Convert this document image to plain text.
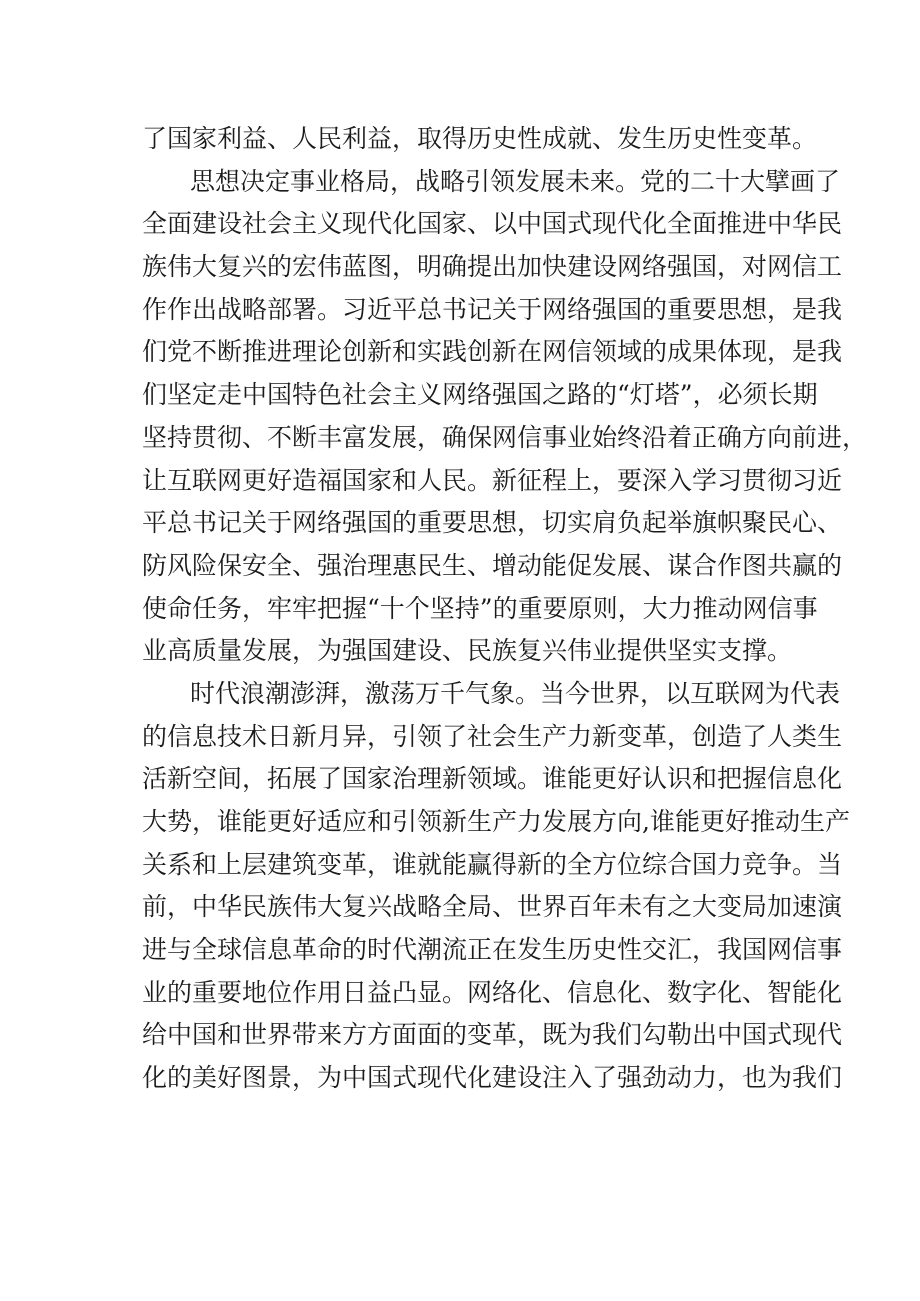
了国家利益、人民利益，取得历史性成就、发生历史性变革。
思想决定事业格局，战略引领发展未来。党的二十大擘画了
全面建设社会主义现代化国家、以中国式现代化全面推进中华民
族伟大复兴的宏伟蓝图，明确提出加快建设网络强国，对网信工
作作出战略部署。习近平总书记关于网络强国的重要思想，是我
们党不断推进理论创新和实践创新在网信领域的成果体现，是我
们坚定走中国特色社会主义网络强国之路的“灯塔”，必须长期
坚持贯彻、不断丰富发展，确保网信事业始终沿着正确方向前进，
让互联网更好造福国家和人民。新征程上，要深入学习贯彻习近
平总书记关于网络强国的重要思想，切实肩负起举旗帜聚民心、
防风险保安全、强治理惠民生、增动能促发展、谋合作图共赢的
使命任务，牢牢把握“十个坚持”的重要原则，大力推动网信事
业高质量发展，为强国建设、民族复兴伟业提供坚实支撑。
时代浪潮澎湃，激荡万千气象。当今世界，以互联网为代表
的信息技术日新月异，引领了社会生产力新变革，创造了人类生
活新空间，拓展了国家治理新领域。谁能更好认识和把握信息化
大势，谁能更好适应和引领新生产力发展方向,谁能更好推动生产
关系和上层建筑变革，谁就能赢得新的全方位综合国力竞争。当
前，中华民族伟大复兴战略全局、世界百年未有之大变局加速演
进与全球信息革命的时代潮流正在发生历史性交汇，我国网信事
业的重要地位作用日益凸显。网络化、信息化、数字化、智能化
给中国和世界带来方方面面的变革，既为我们勾勒出中国式现代
化的美好图景，为中国式现代化建设注入了强劲动力，也为我们
